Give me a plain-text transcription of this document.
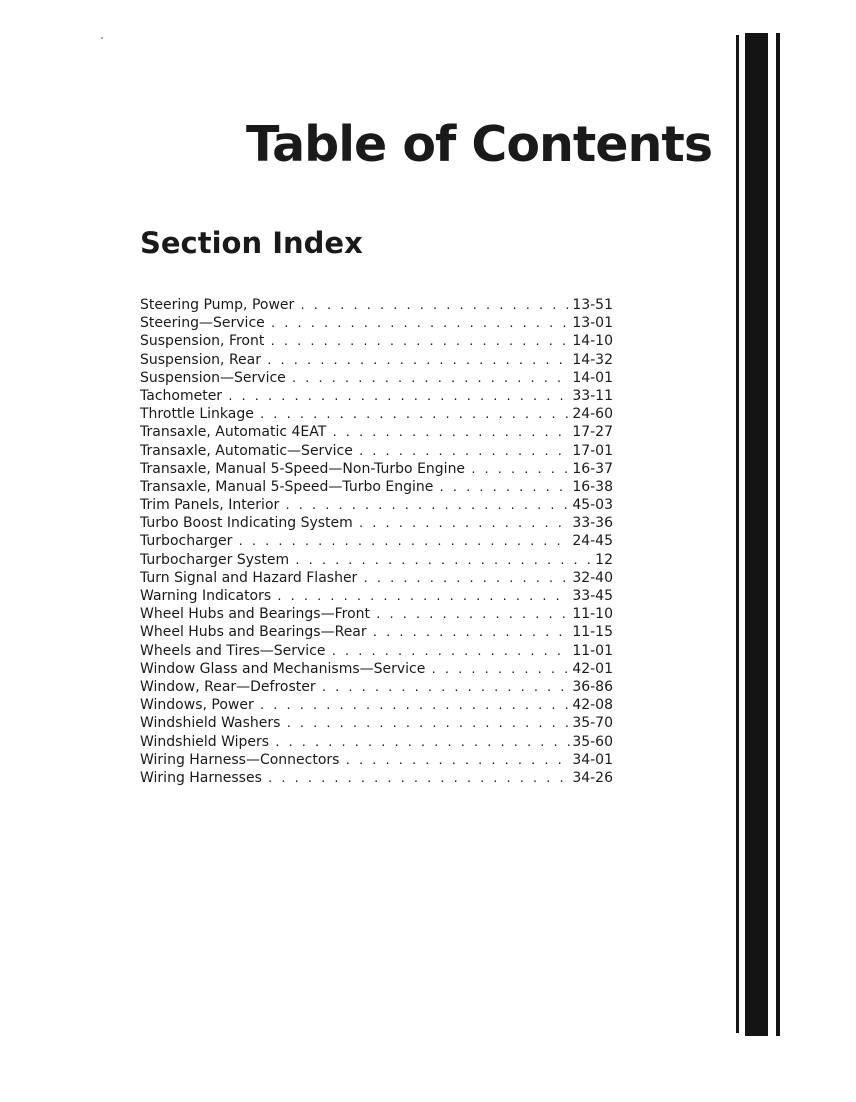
Table of Contents
Section Index
Steering Pump, Power . . .	13-51
Steering—Service . . .	13-01
Suspension, Front . . .	14-10
Suspension, Rear . . .	14-32
Suspension—Service . . .	14-01
Tachometer . . .	33-11
Throttle Linkage . . .	24-60
Transaxle, Automatic 4EAT . . .	17-27
Transaxle, Automatic—Service . . .	17-01
Transaxle, Manual 5-Speed—Non-Turbo Engine . . .	16-37
Transaxle, Manual 5-Speed—Turbo Engine . . .	16-38
Trim Panels, Interior . . .	45-03
Turbo Boost Indicating System . . .	33-36
Turbocharger . . .	24-45
Turbocharger System . . .	12
Turn Signal and Hazard Flasher . . .	32-40
Warning Indicators . . .	33-45
Wheel Hubs and Bearings—Front . . .	11-10
Wheel Hubs and Bearings—Rear . . .	11-15
Wheels and Tires—Service . . .	11-01
Window Glass and Mechanisms—Service . . .	42-01
Window, Rear—Defroster . . .	36-86
Windows, Power . . .	42-08
Windshield Washers . . .	35-70
Windshield Wipers . . .	35-60
Wiring Harness—Connectors . . .	34-01
Wiring Harnesses . . .	34-26
